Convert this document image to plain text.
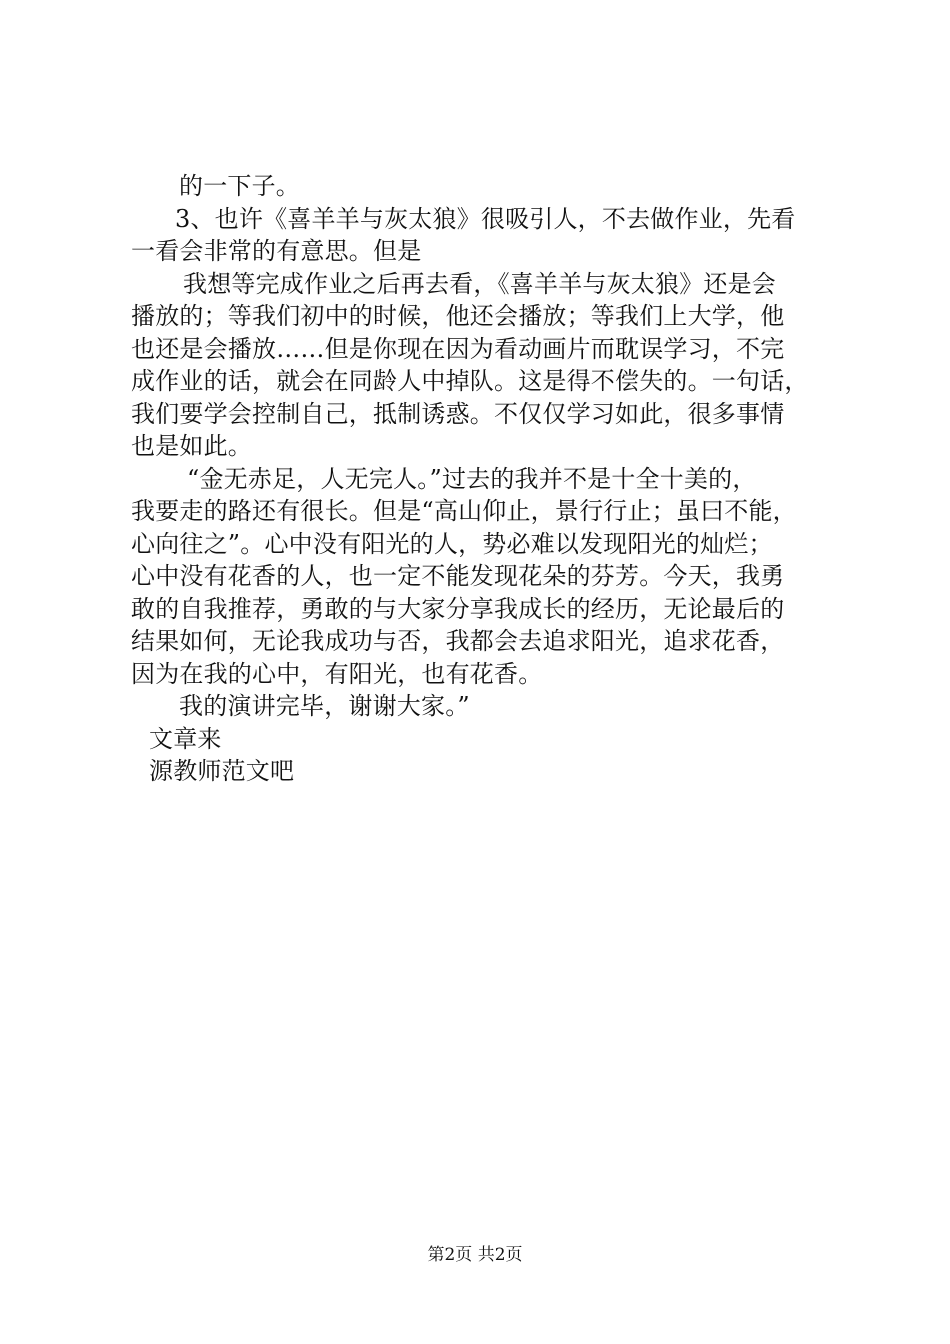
的一下子。
3、也许《喜羊羊与灰太狼》很吸引人，不去做作业，先看
一看会非常的有意思。但是
我想等完成作业之后再去看，《喜羊羊与灰太狼》还是会
播放的；等我们初中的时候，他还会播放；等我们上大学，他
也还是会播放……但是你现在因为看动画片而耽误学习，不完
成作业的话，就会在同龄人中掉队。这是得不偿失的。一句话，
我们要学会控制自己，抵制诱惑。不仅仅学习如此，很多事情
也是如此。
“金无赤足，人无完人。”过去的我并不是十全十美的，
我要走的路还有很长。但是“高山仰止，景行行止；虽曰不能，
心向往之”。心中没有阳光的人，势必难以发现阳光的灿烂；
心中没有花香的人，也一定不能发现花朵的芬芳。今天，我勇
敢的自我推荐，勇敢的与大家分享我成长的经历，无论最后的
结果如何，无论我成功与否，我都会去追求阳光，追求花香，
因为在我的心中，有阳光，也有花香。
我的演讲完毕，谢谢大家。”
文章来
源教师范文吧
第2页 共2页
